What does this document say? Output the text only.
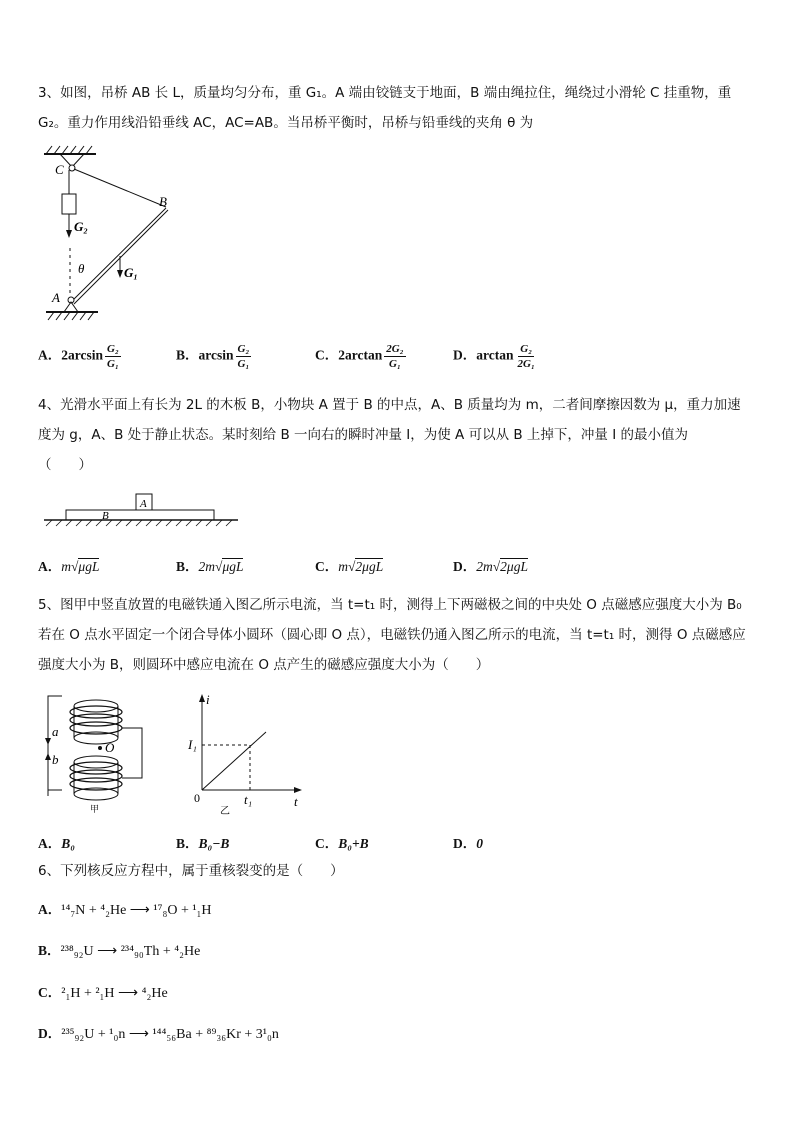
3、如图，吊桥 AB 长 L，质量均匀分布，重 G₁。A 端由铰链支于地面，B 端由绳拉住，绳绕过小滑轮 C 挂重物，重
G₂。重力作用线沿铅垂线 AC，AC=AB。当吊桥平衡时，吊桥与铅垂线的夹角 θ 为
C
B
G₂
θ	G₁
A
A．$2\arcsin \frac{\text{G₂}}{\text{G₁}}$	B．$\arcsin \frac{\text{G₂}}{\text{G₁}}$	C．$2\arctan \frac{\text{2G₂}}{\text{G₁}}$	D．$\arctan \frac{\text{G₂}}{\text{2G₁}}$
4、光滑水平面上有长为 2L 的木板 B，小物块 A 置于 B 的中点，A、B 质量均为 m，二者间摩擦因数为 μ，重力加速
度为 g，A、B 处于静止状态。某时刻给 B 一向右的瞬时冲量 I，为使 A 可以从 B 上掉下，冲量 I 的最小值为
（　　）
A
B
A．m√μgL	B．2m√μgL	C．m√2μgL	D．2m√2μgL
5、图甲中竖直放置的电磁铁通入图乙所示电流，当 t=t₁ 时，测得上下两磁极之间的中央处 O 点磁感应强度大小为 B₀
若在 O 点水平固定一个闭合导体小圆环（圆心即 O 点），电磁铁仍通入图乙所示的电流，当 t=t₁ 时，测得 O 点磁感应
强度大小为 B，则圆环中感应电流在 O 点产生的磁感应强度大小为（　　）
a
b
O
甲
i
I₁
0	t₁	t
乙
A．B₀	B．B₀−B	C．B₀+B	D．0
6、下列核反应方程中，属于重核裂变的是（　　）
A．¹⁴₇N + ⁴₂He ⟶ ¹⁷₈O + ¹₁H
B．²³⁸₉₂U ⟶ ²³⁴₉₀Th + ⁴₂He
C．²₁H + ²₁H ⟶ ⁴₂He
D．²³⁵₉₂U + ¹₀n ⟶ ¹⁴⁴₅₆Ba + ⁸⁹₃₆Kr + 3¹₀n
